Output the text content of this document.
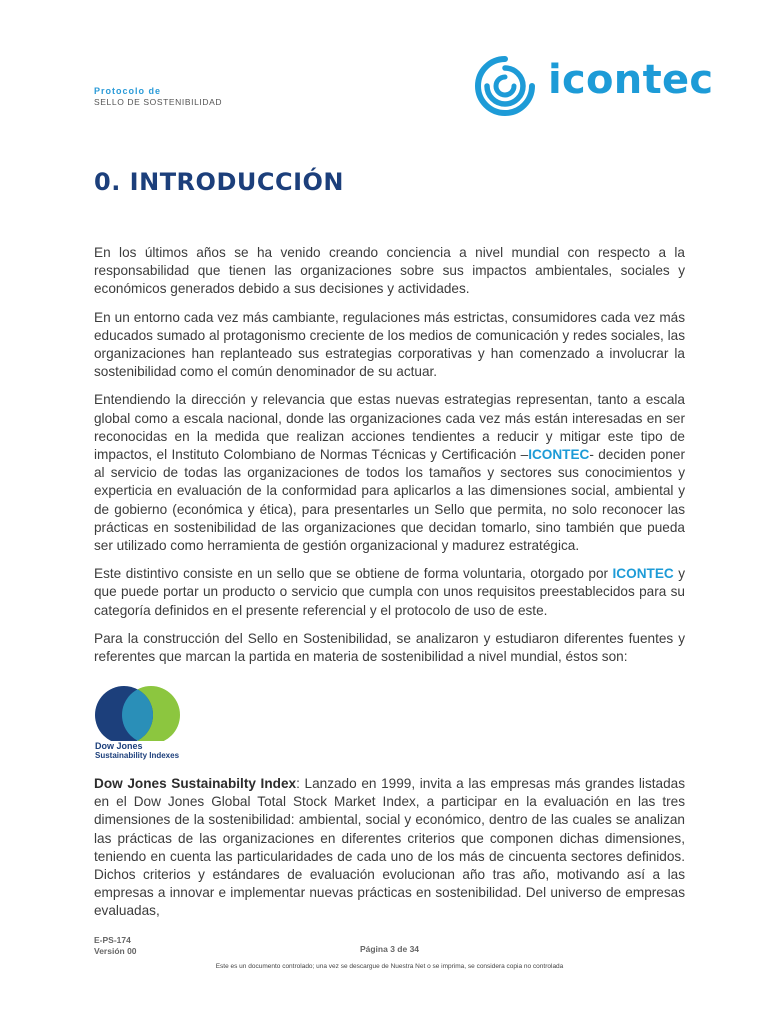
Protocolo de
SELLO DE SOSTENIBILIDAD	icontec
0. INTRODUCCIÓN

En los últimos años se ha venido creando conciencia a nivel mundial con respecto a la responsabilidad que tienen las organizaciones sobre sus impactos ambientales, sociales y económicos generados debido a sus decisiones y actividades.

En un entorno cada vez más cambiante, regulaciones más estrictas, consumidores cada vez más educados sumado al protagonismo creciente de los medios de comunicación y redes sociales, las organizaciones han replanteado sus estrategias corporativas y han comenzado a involucrar la sostenibilidad como el común denominador de su actuar.

Entendiendo la dirección y relevancia que estas nuevas estrategias representan, tanto a escala global como a escala nacional, donde las organizaciones cada vez más están interesadas en ser reconocidas en la medida que realizan acciones tendientes a reducir y mitigar este tipo de impactos, el Instituto Colombiano de Normas Técnicas y Certificación –ICONTEC- deciden poner al servicio de todas las organizaciones de todos los tamaños y sectores sus conocimientos y experticia en evaluación de la conformidad para aplicarlos a las dimensiones social, ambiental y de gobierno (económica y ética), para presentarles un Sello que permita, no solo reconocer las prácticas en sostenibilidad de las organizaciones que decidan tomarlo, sino también que pueda ser utilizado como herramienta de gestión organizacional y madurez estratégica.

Este distintivo consiste en un sello que se obtiene de forma voluntaria, otorgado por ICONTEC y que puede portar un producto o servicio que cumpla con unos requisitos preestablecidos para su categoría definidos en el presente referencial y el protocolo de uso de este.

Para la construcción del Sello en Sostenibilidad, se analizaron y estudiaron diferentes fuentes y referentes que marcan la partida en materia de sostenibilidad a nivel mundial, éstos son:

Dow Jones
Sustainability Indexes

Dow Jones Sustainabilty Index: Lanzado en 1999, invita a las empresas más grandes listadas en el Dow Jones Global Total Stock Market Index, a participar en la evaluación en las tres dimensiones de la sostenibilidad: ambiental, social y económico, dentro de las cuales se analizan las prácticas de las organizaciones en diferentes criterios que componen dichas dimensiones, teniendo en cuenta las particularidades de cada uno de los más de cincuenta sectores definidos. Dichos criterios y estándares de evaluación evolucionan año tras año, motivando así a las empresas a innovar e implementar nuevas prácticas en sostenibilidad. Del universo de empresas evaluadas,

E-PS-174
Versión 00	Página 3 de 34
Este es un documento controlado; una vez se descargue de Nuestra Net o se imprima, se considera copia no controlada
